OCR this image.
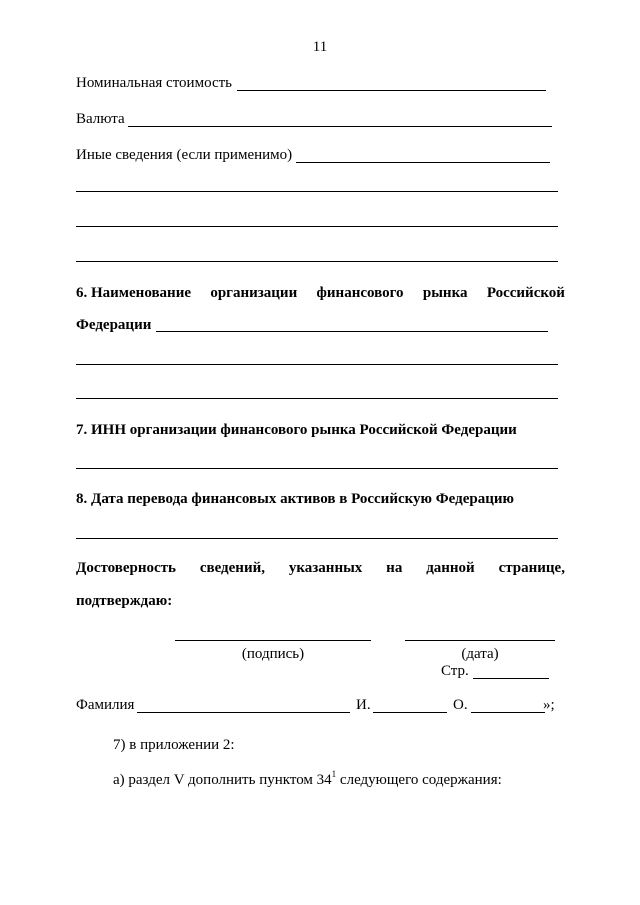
11
Номинальная стоимость
Валюта
Иные сведения (если применимо)
6. Наименование организации финансового рынка Российской
Федерации
7. ИНН организации финансового рынка Российской Федерации
8. Дата перевода финансовых активов в Российскую Федерацию
Достоверность сведений, указанных на данной странице,
подтверждаю:
(подпись)	(дата)
Стр.
Фамилия	И.	О.	»;
7) в приложении 2:
а) раздел V дополнить пунктом $34^1$ следующего содержания:
